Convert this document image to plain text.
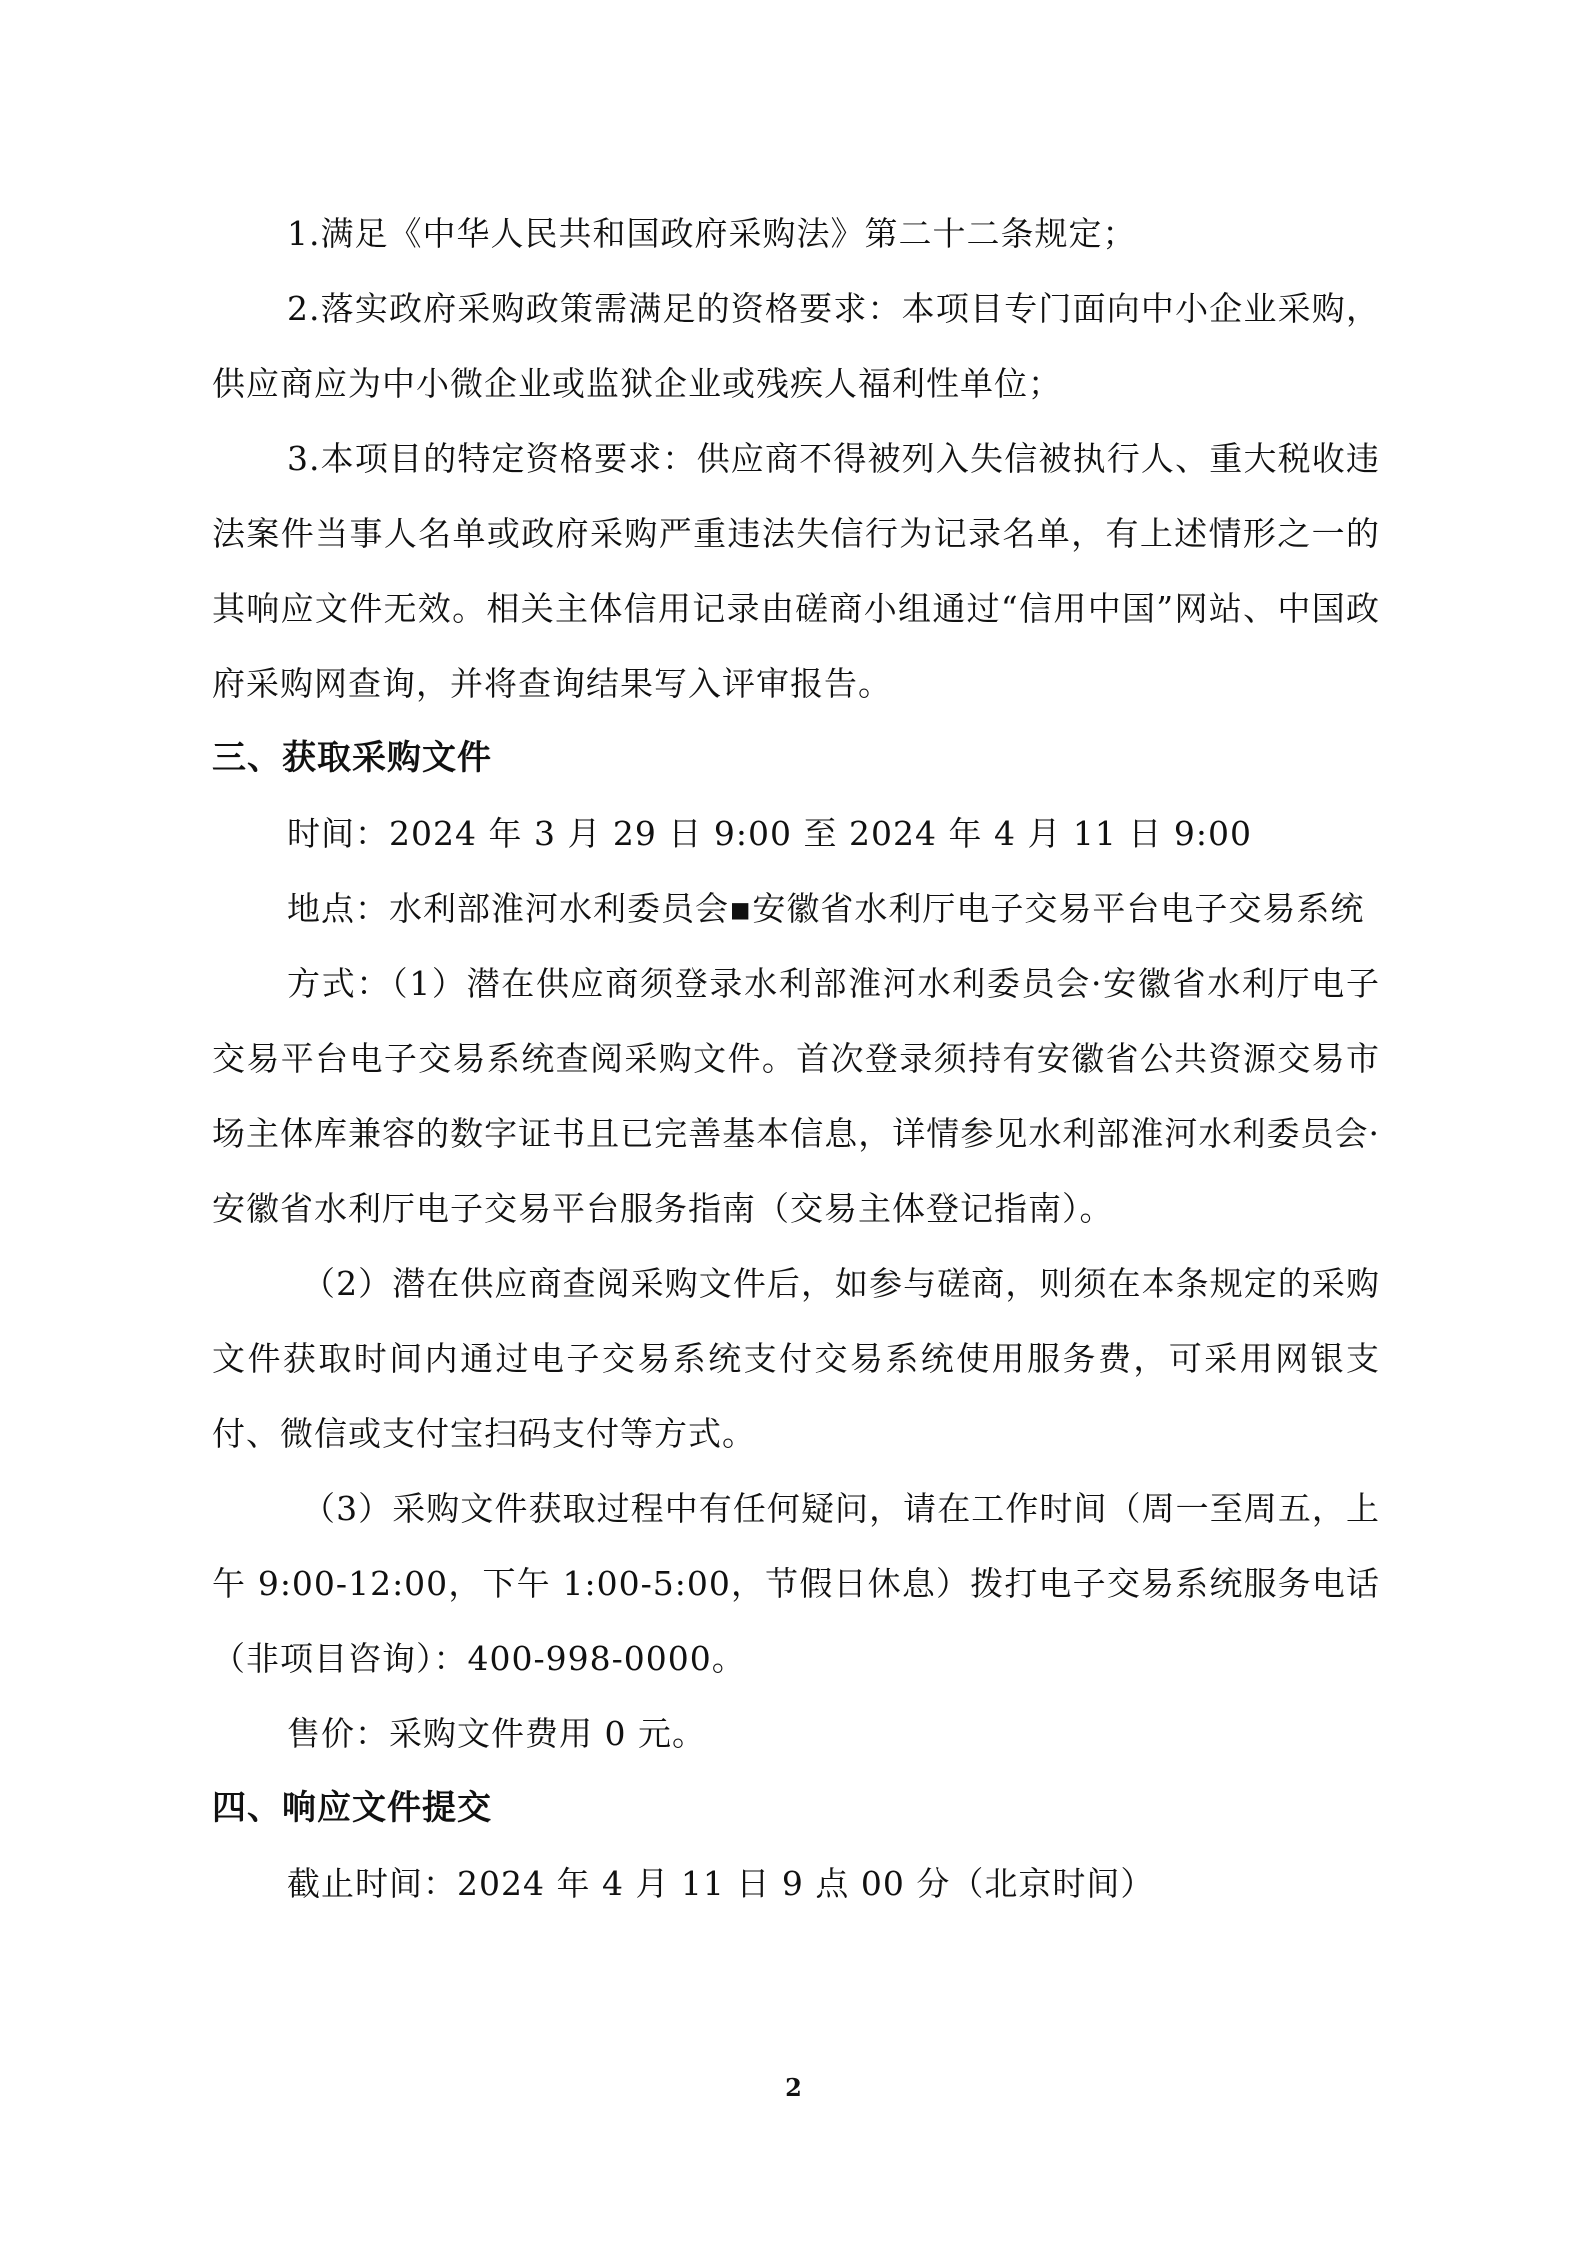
1.满足《中华人民共和国政府采购法》第二十二条规定；

2.落实政府采购政策需满足的资格要求：本项目专门面向中小企业采购，供应商应为中小微企业或监狱企业或残疾人福利性单位；

3.本项目的特定资格要求：供应商不得被列入失信被执行人、重大税收违法案件当事人名单或政府采购严重违法失信行为记录名单，有上述情形之一的其响应文件无效。相关主体信用记录由磋商小组通过“信用中国”网站、中国政府采购网查询，并将查询结果写入评审报告。

三、获取采购文件

时间：2024 年 3 月 29 日 9:00 至 2024 年 4 月 11 日 9:00

地点：水利部淮河水利委员会▪安徽省水利厅电子交易平台电子交易系统

方式：（1）潜在供应商须登录水利部淮河水利委员会·安徽省水利厅电子交易平台电子交易系统查阅采购文件。首次登录须持有安徽省公共资源交易市场主体库兼容的数字证书且已完善基本信息，详情参见水利部淮河水利委员会·安徽省水利厅电子交易平台服务指南（交易主体登记指南）。

（2）潜在供应商查阅采购文件后，如参与磋商，则须在本条规定的采购文件获取时间内通过电子交易系统支付交易系统使用服务费，可采用网银支付、微信或支付宝扫码支付等方式。

（3）采购文件获取过程中有任何疑问，请在工作时间（周一至周五，上午 9:00-12:00，下午 1:00-5:00，节假日休息）拨打电子交易系统服务电话（非项目咨询）：400-998-0000。

售价：采购文件费用 0 元。

四、响应文件提交

截止时间：2024 年 4 月 11 日 9 点 00 分（北京时间）

2
